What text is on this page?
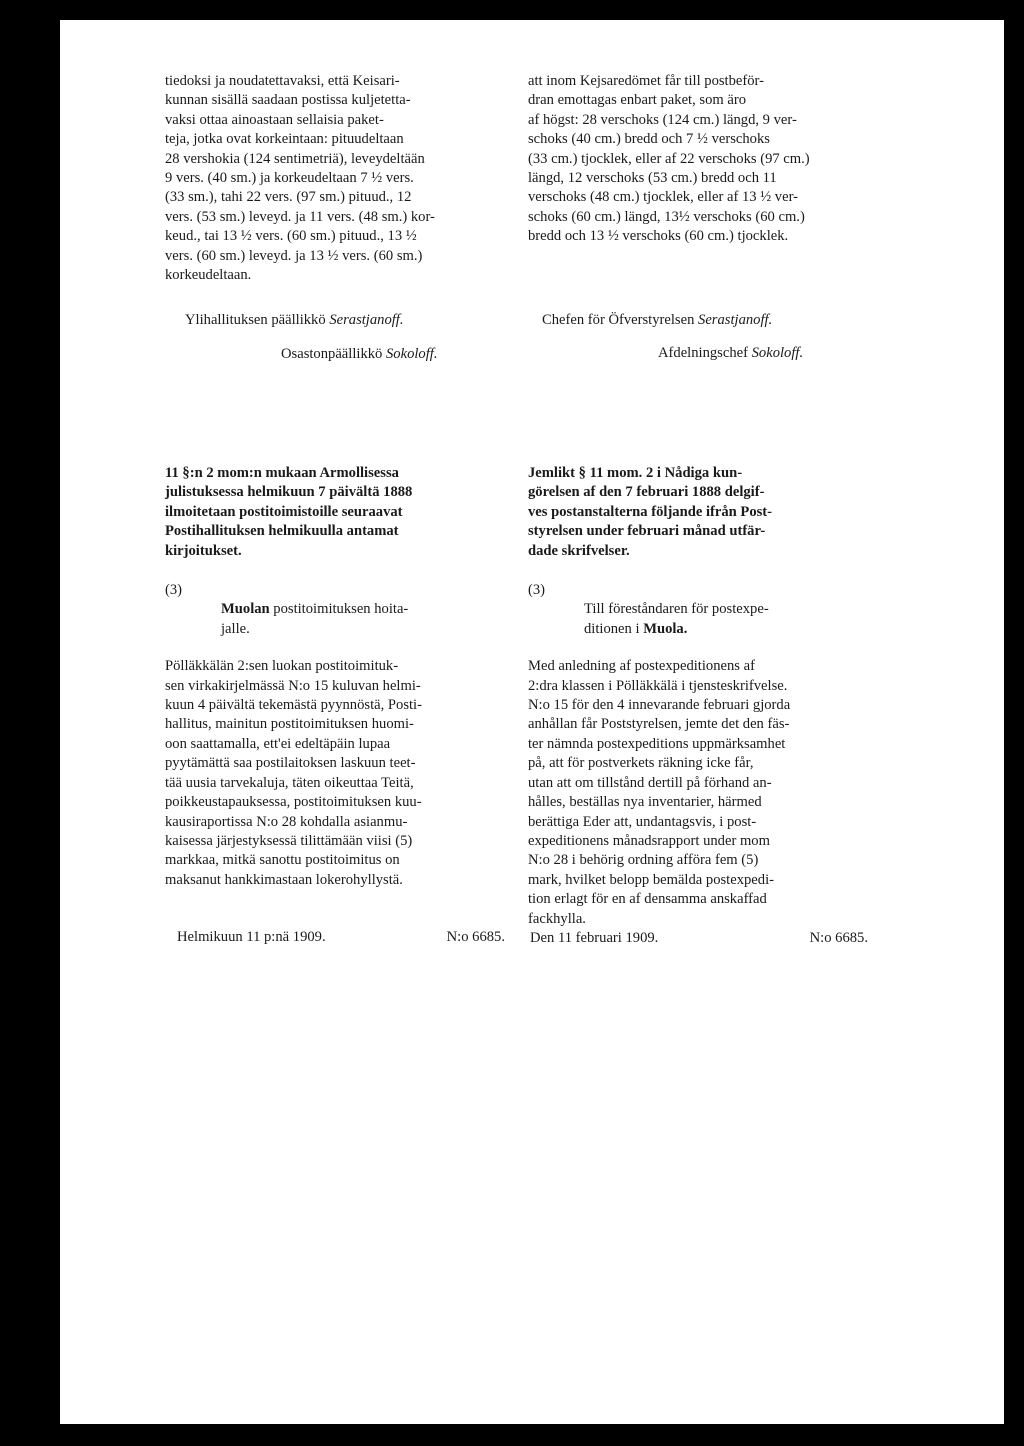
tiedoksi ja noudatettavaksi, että Keisari-
kunnan sisällä saadaan postissa kuljetetta-
vaksi ottaa ainoastaan sellaisia paket-
teja, jotka ovat korkeintaan: pituudeltaan
28 vershokia (124 sentimetriä), leveydeltään
9 vers. (40 sm.) ja korkeudeltaan 7 ½ vers.
(33 sm.), tahi 22 vers. (97 sm.) pituud., 12
vers. (53 sm.) leveyd. ja 11 vers. (48 sm.) kor-
keud., tai 13 ½ vers. (60 sm.) pituud., 13 ½
vers. (60 sm.) leveyd. ja 13 ½ vers. (60 sm.)
korkeudeltaan.

Ylihallituksen päällikkö Serastjanoff.

Osastonpäällikkö Sokoloff.

att inom Kejsaredömet får till postbeför-
dran emottagas enbart paket, som äro
af högst: 28 verschoks (124 cm.) längd, 9 ver-
schoks (40 cm.) bredd och 7 ½ verschoks
(33 cm.) tjocklek, eller af 22 verschoks (97 cm.)
längd, 12 verschoks (53 cm.) bredd och 11
verschoks (48 cm.) tjocklek, eller af 13 ½ ver-
schoks (60 cm.) längd, 13½ verschoks (60 cm.)
bredd och 13 ½ verschoks (60 cm.) tjocklek.

Chefen för Öfverstyrelsen Serastjanoff.

Afdelningschef Sokoloff.

11 §:n 2 mom:n mukaan Armollisessa
julistuksessa helmikuun 7 päivältä 1888
ilmoitetaan postitoimistoille seuraavat
Postihallituksen helmikuulla antamat
kirjoitukset.

(3)
Muolan postitoimituksen hoita-
jalle.

Pölläkkälän 2:sen luokan postitoimituk-
sen virkakirjelmässä N:o 15 kuluvan helmi-
kuun 4 päivältä tekemästä pyynnöstä, Posti-
hallitus, mainitun postitoimituksen huomi-
oon saattamalla, ett'ei edeltäpäin lupaa
pyytämättä saa postilaitoksen laskuun teet-
tää uusia tarvekaluja, täten oikeuttaa Teitä,
poikkeustapauksessa, postitoimituksen kuu-
kausiraportissa N:o 28 kohdalla asianmu-
kaisessa järjestyksessä tilittämään viisi (5)
markkaa, mitkä sanottu postitoimitus on
maksanut hankkimastaan lokerohyllystä.

Helmikuun 11 p:nä 1909.	N:o 6685.

Jemlikt § 11 mom. 2 i Nådiga kun-
görelsen af den 7 februari 1888 delgif-
ves postanstalterna följande ifrån Post-
styrelsen under februari månad utfär-
dade skrifvelser.

(3)
Till föreståndaren för postexpe-
ditionen i Muola.

Med anledning af postexpeditionens af
2:dra klassen i Pölläkkälä i tjensteskrifvelse.
N:o 15 för den 4 innevarande februari gjorda
anhållan får Poststyrelsen, jemte det den fäs-
ter nämnda postexpeditions uppmärksamhet
på, att för postverkets räkning icke får,
utan att om tillstånd dertill på förhand an-
hålles, beställas nya inventarier, härmed
berättiga Eder att, undantagsvis, i post-
expeditionens månadsrapport under mom
N:o 28 i behörig ordning afföra fem (5)
mark, hvilket belopp bemälda postexpedi-
tion erlagt för en af densamma anskaffad
fackhylla.

Den 11 februari 1909.	N:o 6685.
